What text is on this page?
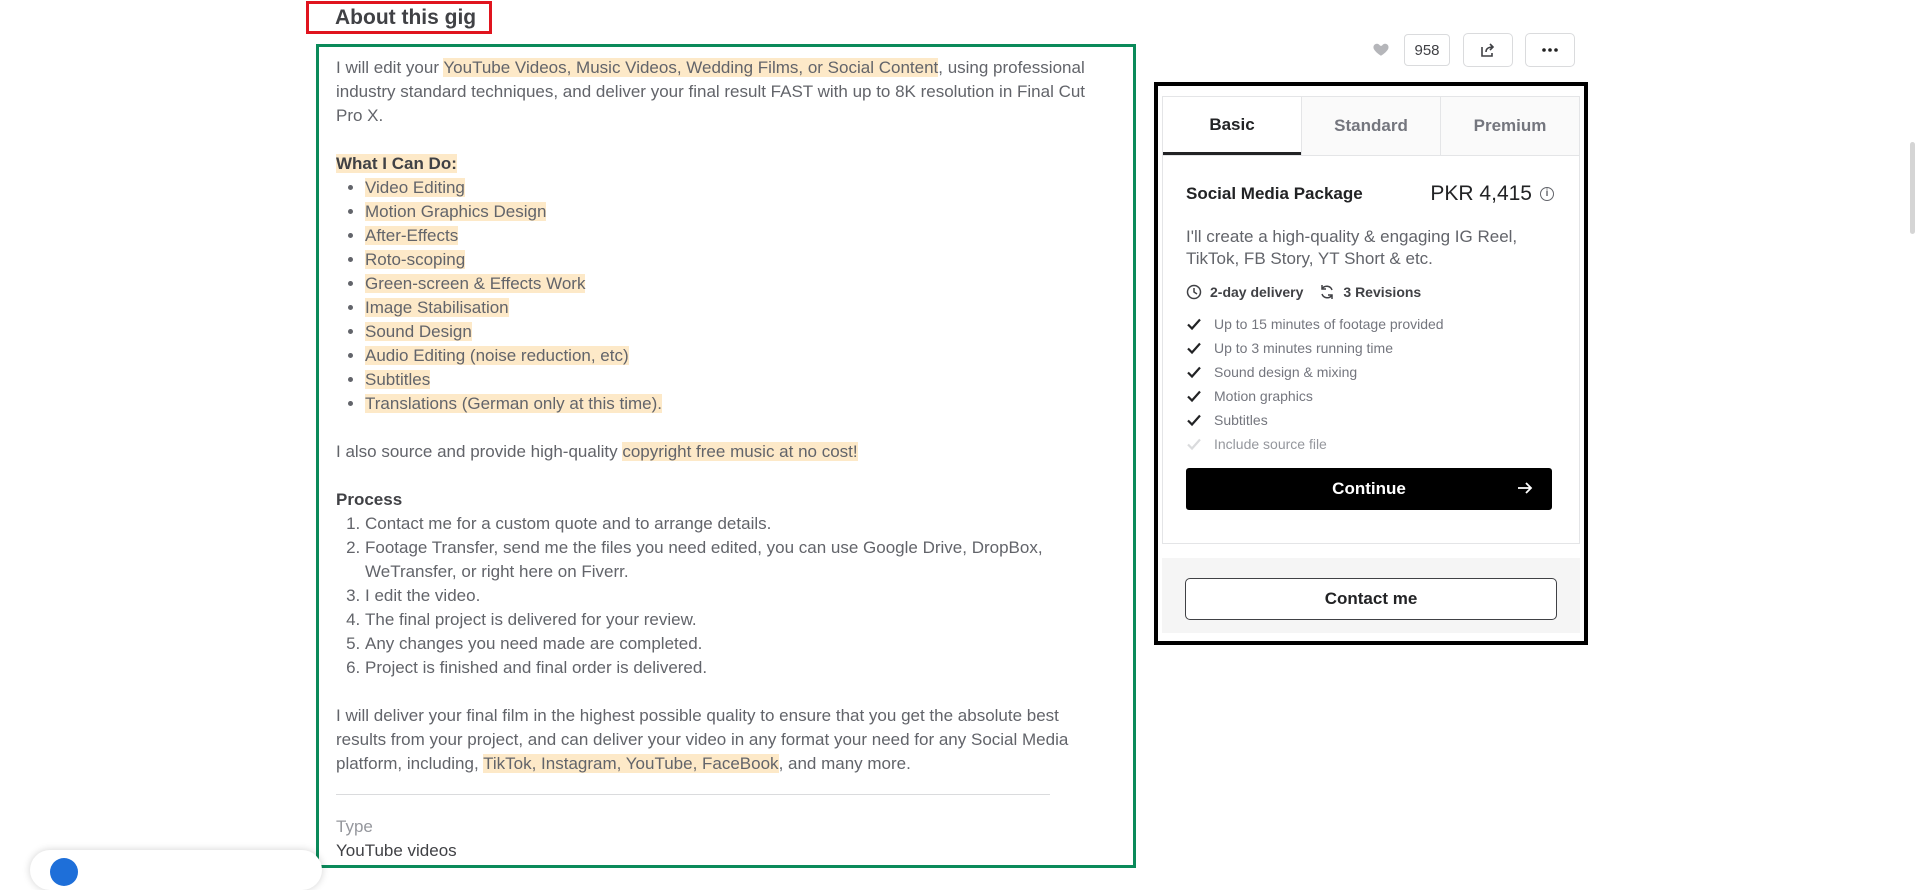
About this gig

I will edit your YouTube Videos, Music Videos, Wedding Films, or Social Content, using professional industry standard techniques, and deliver your final result FAST with up to 8K resolution in Final Cut Pro X.

What I Can Do:

• Video Editing
• Motion Graphics Design
• After-Effects
• Roto-scoping
• Green-screen & Effects Work
• Image Stabilisation
• Sound Design
• Audio Editing (noise reduction, etc)
• Subtitles
• Translations (German only at this time).

I also source and provide high-quality copyright free music at no cost!

Process

1. Contact me for a custom quote and to arrange details.
2. Footage Transfer, send me the files you need edited, you can use Google Drive, DropBox, WeTransfer, or right here on Fiverr.
3. I edit the video.
4. The final project is delivered for your review.
5. Any changes you need made are completed.
6. Project is finished and final order is delivered.

I will deliver your final film in the highest possible quality to ensure that you get the absolute best results from your project, and can deliver your video in any format your need for any Social Media platform, including, TikTok, Instagram, YouTube, FaceBook, and many more.

Type
YouTube videos
958
Basic	Standard	Premium
Social Media Package	PKR 4,415	i
I'll create a high-quality & engaging IG Reel, TikTok, FB Story, YT Short & etc.
2-day delivery	3 Revisions
Up to 15 minutes of footage provided
Up to 3 minutes running time
Sound design & mixing
Motion graphics
Subtitles
Include source file
Continue
Contact me
